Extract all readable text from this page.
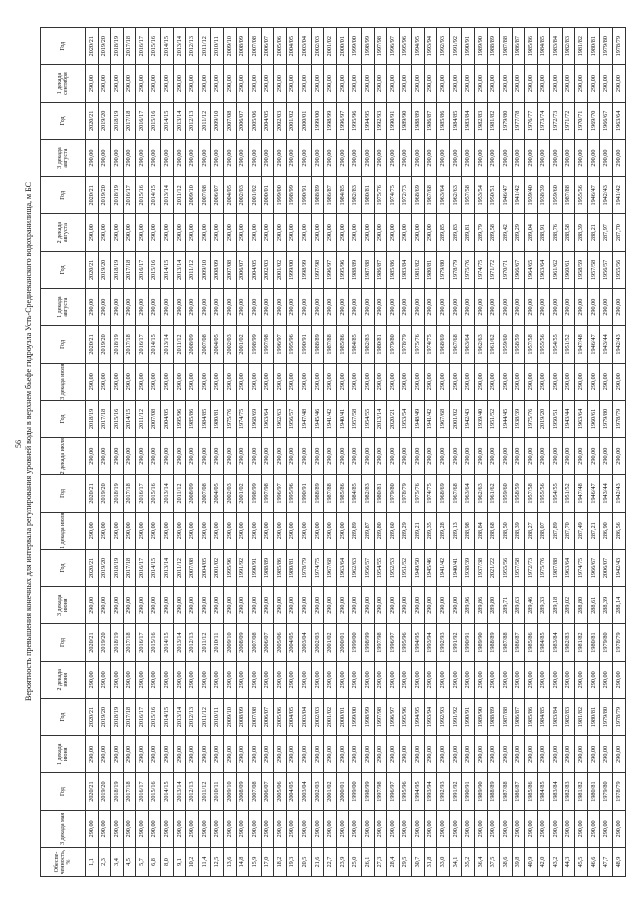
56 Вероятность превышения конечных для интервала регулирования уровней воды в верхнем бьефе гидроузла Усть-Среднеканского водохранилища, м БС
Обеспе-ченность, %	3 декада мая	Год	1 декада июня	Год	2 декада июня	Год	3 декада июня	Год	1 декада июля	Год	2 декада июля	Год	3 декада июля	Год	1 декада августа	Год	2 декада августа	Год	3 декада августа	Год	1 декада сентября	Год
1,1	290,00	2020/21	290,00	2020/21	290,00	2020/21	290,00	2020/21	290,00	2020/21	290,00	2018/19	290,00	2020/21	290,00	2020/21	290,00	2020/21	290,00	2020/21	290,00	2020/21
2,3	290,00	2019/20	290,00	2019/20	290,00	2019/20	290,00	2019/20	290,00	2019/20	290,00	2017/18	290,00	2019/20	290,00	2019/20	290,00	2019/20	290,00	2019/20	290,00	2019/20
3,4	290,00	2018/19	290,00	2018/19	290,00	2018/19	290,00	2018/19	290,00	2018/19	290,00	2015/16	290,00	2018/19	290,00	2018/19	290,00	2018/19	290,00	2018/19	290,00	2018/19
4,5	290,00	2017/18	290,00	2017/18	290,00	2017/18	290,00	2017/18	290,00	2017/18	290,00	2014/15	290,00	2017/18	290,00	2017/18	290,00	2016/17	290,00	2017/18	290,00	2017/18
5,7	290,00	2016/17	290,00	2016/17	290,00	2016/17	290,00	2016/17	290,00	2016/17	290,00	2011/12	290,00	2016/17	290,00	2016/17	290,00	2015/16	290,00	2016/17	290,00	2016/17
6,8	290,00	2015/16	290,00	2015/16	290,00	2015/16	290,00	2014/15	290,00	2015/16	290,00	2007/08	290,00	2014/15	290,00	2015/16	290,00	2014/15	290,00	2015/16	290,00	2015/16
8,0	290,00	2014/15	290,00	2014/15	290,00	2014/15	290,00	2013/14	290,00	2013/14	290,00	2004/05	290,00	2013/14	290,00	2014/15	290,00	2013/14	290,00	2014/15	290,00	2014/15
9,1	290,00	2013/14	290,00	2013/14	290,00	2013/14	290,00	2011/12	290,00	2011/12	290,00	1995/96	290,00	2011/12	290,00	2013/14	290,00	2011/12	290,00	2013/14	290,00	2013/14
10,2	290,00	2012/13	290,00	2012/13	290,00	2012/13	290,00	2007/08	290,00	2008/09	290,00	1985/86	290,00	2008/09	290,00	2011/12	290,00	2009/10	290,00	2012/13	290,00	2012/13
11,4	290,00	2011/12	290,00	2011/12	290,00	2011/12	290,00	2004/05	290,00	2007/08	290,00	1984/85	290,00	2007/08	290,00	2009/10	290,00	2007/08	290,00	2011/12	290,00	2011/12
12,5	290,00	2010/11	290,00	2010/11	290,00	2010/11	290,00	2001/02	290,00	2004/05	290,00	1980/81	290,00	2004/05	290,00	2008/09	290,00	2006/07	290,00	2009/10	290,00	2010/11
13,6	290,00	2009/10	290,00	2009/10	290,00	2009/10	290,00	1995/96	290,00	2002/03	290,00	1975/76	290,00	2002/03	290,00	2007/08	290,00	2004/05	290,00	2007/08	290,00	2009/10
14,8	290,00	2008/09	290,00	2008/09	290,00	2008/09	290,00	1991/92	290,00	2001/02	290,00	1974/75	290,00	2001/02	290,00	2006/07	290,00	2002/03	290,00	2006/07	290,00	2008/09
15,9	290,00	2007/08	290,00	2007/08	290,00	2007/08	290,00	1990/91	290,00	1998/99	290,00	1968/69	290,00	1998/99	290,00	2004/05	290,00	2001/02	290,00	2005/06	290,00	2007/08
17,0	290,00	2006/07	290,00	2006/07	290,00	2006/07	290,00	1988/89	290,00	1997/98	290,00	1963/64	290,00	1997/98	290,00	2002/03	290,00	2000/01	290,00	2004/05	290,00	2006/07
18,2	290,00	2005/06	290,00	2005/06	290,00	2005/06	290,00	1985/86	290,00	1996/97	290,00	1962/63	290,00	1996/97	290,00	2001/02	290,00	1999/00	290,00	2002/03	290,00	2005/06
19,3	290,00	2004/05	290,00	2004/05	290,00	2004/05	290,00	1980/81	290,00	1995/96	290,00	1956/57	290,00	1995/96	290,00	1999/00	290,00	1998/99	290,00	2001/02	290,00	2004/05
20,5	290,00	2003/04	290,00	2003/04	290,00	2003/04	290,00	1978/79	290,00	1990/91	290,00	1947/48	290,00	1990/91	290,00	1998/99	290,00	1990/91	290,00	2000/01	290,00	2003/04
21,6	290,00	2002/03	290,00	2002/03	290,00	2002/03	290,00	1974/75	290,00	1988/89	290,00	1945/46	290,00	1988/89	290,00	1997/98	290,00	1988/89	290,00	1999/00	290,00	2002/03
22,7	290,00	2001/02	290,00	2001/02	290,00	2001/02	290,00	1967/68	290,00	1987/88	290,00	1941/42	290,00	1987/88	290,00	1996/97	290,00	1986/87	290,00	1998/99	290,00	2001/02
23,9	290,00	2000/01	290,00	2000/01	290,00	2000/01	290,00	1963/64	290,00	1985/86	290,00	1940/41	290,00	1985/86	290,00	1995/96	290,00	1984/85	290,00	1996/97	290,00	2000/01
25,0	290,00	1999/00	290,00	1999/00	290,00	1999/00	290,00	1962/63	289,89	1984/85	290,00	1957/58	290,00	1984/85	290,00	1988/89	290,00	1982/83	290,00	1995/96	290,00	1999/00
26,1	290,00	1998/99	290,00	1998/99	290,00	1998/99	290,00	1956/57	289,87	1982/83	290,00	1954/55	290,00	1982/83	290,00	1987/88	290,00	1980/81	290,00	1994/95	290,00	1998/99
27,3	290,00	1997/98	290,00	1997/98	290,00	1997/98	290,00	1954/55	289,80	1980/81	290,00	2013/14	290,00	1980/81	290,00	1986/87	290,00	1975/76	290,00	1992/93	290,00	1997/98
28,4	290,00	1996/97	290,00	1996/97	290,00	1996/97	290,00	1952/53	289,60	1979/80	290,00	2020/21	290,00	1979/80	290,00	1985/86	290,00	1974/75	290,00	1990/91	290,00	1996/97
29,5	290,00	1995/96	290,00	1995/96	290,00	1995/96	290,00	1951/52	289,29	1978/79	290,00	1953/54	290,00	1978/79	290,00	1983/84	290,00	1972/73	290,00	1989/90	290,00	1995/96
30,7	290,00	1994/95	290,00	1994/95	290,00	1994/95	290,00	1949/50	289,21	1975/76	290,00	1948/49	290,00	1975/76	290,00	1981/82	290,00	1968/69	290,00	1988/89	290,00	1994/95
31,8	290,00	1993/94	290,00	1993/94	290,00	1993/94	290,00	1945/46	289,35	1974/75	290,00	1941/42	290,00	1974/75	290,00	1980/81	290,00	1967/68	290,00	1986/87	290,00	1993/94
33,0	290,00	1992/93	290,00	1992/93	290,00	1992/93	290,00	1941/42	289,28	1968/69	290,00	1967/68	290,00	1968/69	290,00	1979/80	289,85	1963/64	290,00	1985/86	290,00	1992/93
34,1	290,00	1991/92	290,00	1991/92	290,00	1991/92	290,00	1940/41	289,13	1967/68	290,00	2001/02	290,00	1967/68	290,00	1978/79	289,83	1962/63	290,00	1984/85	290,00	1991/92
35,2	290,00	1990/91	290,00	1990/91	290,00	1990/91	289,96	1938/39	288,98	1963/64	290,00	1942/43	290,00	1963/64	290,00	1975/76	289,81	1957/58	290,00	1983/84	290,00	1990/91
36,4	290,00	1989/90	290,00	1989/90	290,00	1989/90	289,86	1937/38	288,84	1962/63	290,00	1939/40	290,00	1962/63	290,00	1974/75	289,79	1953/54	290,00	1982/83	290,00	1989/90
37,5	290,00	1988/89	290,00	1988/89	290,00	1988/89	289,80	2021/22	288,68	1961/62	290,00	1951/52	290,00	1961/62	290,00	1971/72	289,58	1950/51	290,00	1981/82	290,00	1988/89
38,6	290,00	1987/88	290,00	1987/88	290,00	1987/88	289,71	1955/56	288,50	1959/60	290,00	1944/45	290,00	1959/60	290,00	1970/71	289,42	1946/47	290,00	1979/80	290,00	1987/88
39,8	290,00	1986/87	290,00	1986/87	290,00	1986/87	289,63	1957/58	288,39	1958/59	290,00	1938/39	290,00	1958/59	290,00	1966/67	289,29	1941/42	290,00	1977/78	290,00	1986/87
40,9	290,00	1985/86	290,00	1985/86	290,00	1985/86	289,46	1972/73	288,27	1957/58	290,00	1975/76	290,00	1957/58	290,00	1964/65	289,04	1939/40	290,00	1976/77	290,00	1985/86
42,0	290,00	1984/85	290,00	1984/85	290,00	1984/85	289,33	1975/76	288,07	1955/56	290,00	2019/20	290,00	1955/56	290,00	1963/64	288,91	1938/39	290,00	1973/74	290,00	1984/85
43,2	290,00	1983/84	290,00	1983/84	290,00	1983/84	289,18	1987/88	287,89	1954/55	290,00	1950/51	290,00	1954/55	290,00	1961/62	288,76	1959/60	290,00	1972/73	290,00	1983/84
44,3	290,00	1982/83	290,00	1982/83	290,00	1982/83	289,02	1963/64	287,70	1951/52	290,00	1943/44	290,00	1951/52	290,00	1960/61	288,58	1987/88	290,00	1971/72	290,00	1982/83
45,5	290,00	1981/82	290,00	1981/82	290,00	1981/82	288,80	1974/75	287,49	1947/48	290,00	1963/64	290,00	1947/48	290,00	1958/59	288,39	1955/56	290,00	1970/71	290,00	1981/82
46,6	290,00	1980/81	290,00	1980/81	290,00	1980/81	288,61	1966/67	287,21	1946/47	290,00	1960/61	290,00	1946/47	290,00	1957/58	288,21	1946/47	290,00	1969/70	290,00	1980/81
47,7	290,00	1979/80	290,00	1979/80	290,00	1979/80	288,39	2006/07	286,90	1943/44	290,00	1979/80	290,00	1943/44	290,00	1956/57	287,97	1942/43	290,00	1966/67	290,00	1979/80
48,9	290,00	1978/79	290,00	1978/79	290,00	1978/79	288,14	1942/43	286,56	1942/43	290,00	1978/79	290,00	1942/43	290,00	1955/56	287,70	1941/42	290,00	1963/64	290,00	1978/79
